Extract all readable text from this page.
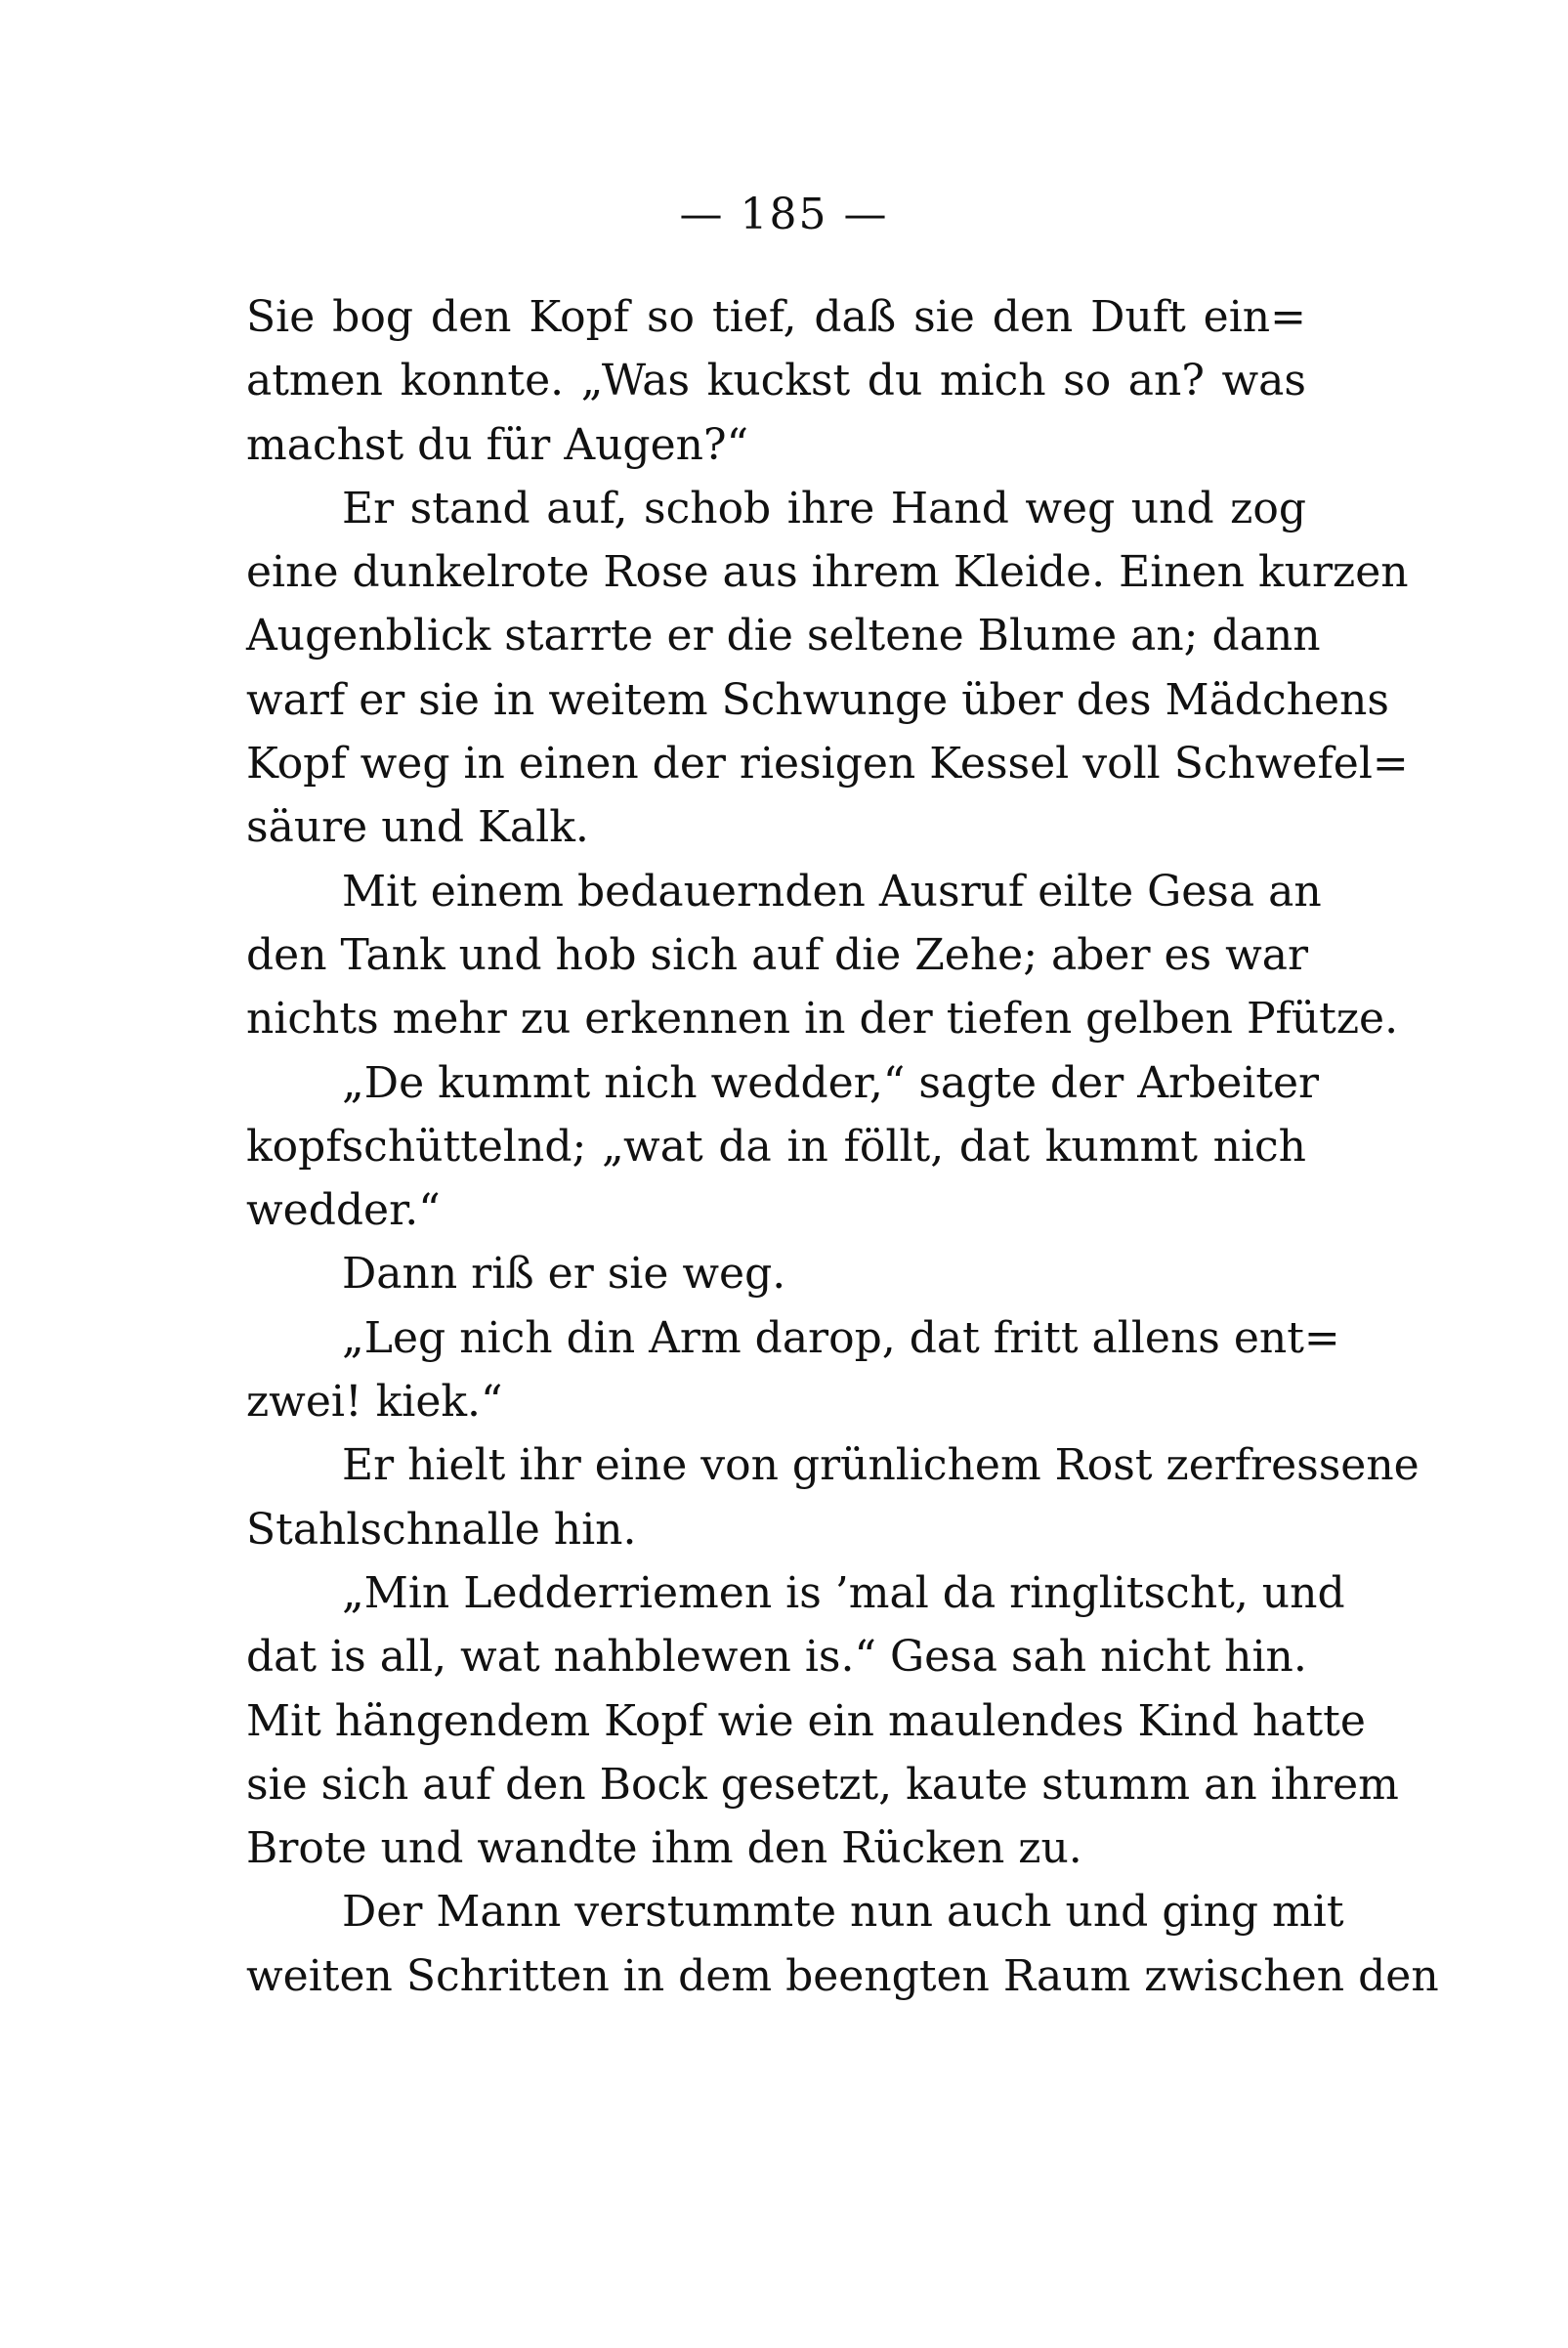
— 185 —
Sie bog den Kopf so tief, daß sie den Duft ein=
atmen konnte. „Was kuckst du mich so an? was
machst du für Augen?“
Er stand auf, schob ihre Hand weg und zog
eine dunkelrote Rose aus ihrem Kleide. Einen kurzen
Augenblick starrte er die seltene Blume an; dann
warf er sie in weitem Schwunge über des Mädchens
Kopf weg in einen der riesigen Kessel voll Schwefel=
säure und Kalk.
Mit einem bedauernden Ausruf eilte Gesa an
den Tank und hob sich auf die Zehe; aber es war
nichts mehr zu erkennen in der tiefen gelben Pfütze.
„De kummt nich wedder,“ sagte der Arbeiter
kopfschüttelnd; „wat da in föllt, dat kummt nich
wedder.“
Dann riß er sie weg.
„Leg nich din Arm darop, dat fritt allens ent=
zwei! kiek.“
Er hielt ihr eine von grünlichem Rost zerfressene
Stahlschnalle hin.
„Min Ledderriemen is ’mal da ringlitscht, und
dat is all, wat nahblewen is.“ Gesa sah nicht hin.
Mit hängendem Kopf wie ein maulendes Kind hatte
sie sich auf den Bock gesetzt, kaute stumm an ihrem
Brote und wandte ihm den Rücken zu.
Der Mann verstummte nun auch und ging mit
weiten Schritten in dem beengten Raum zwischen den
